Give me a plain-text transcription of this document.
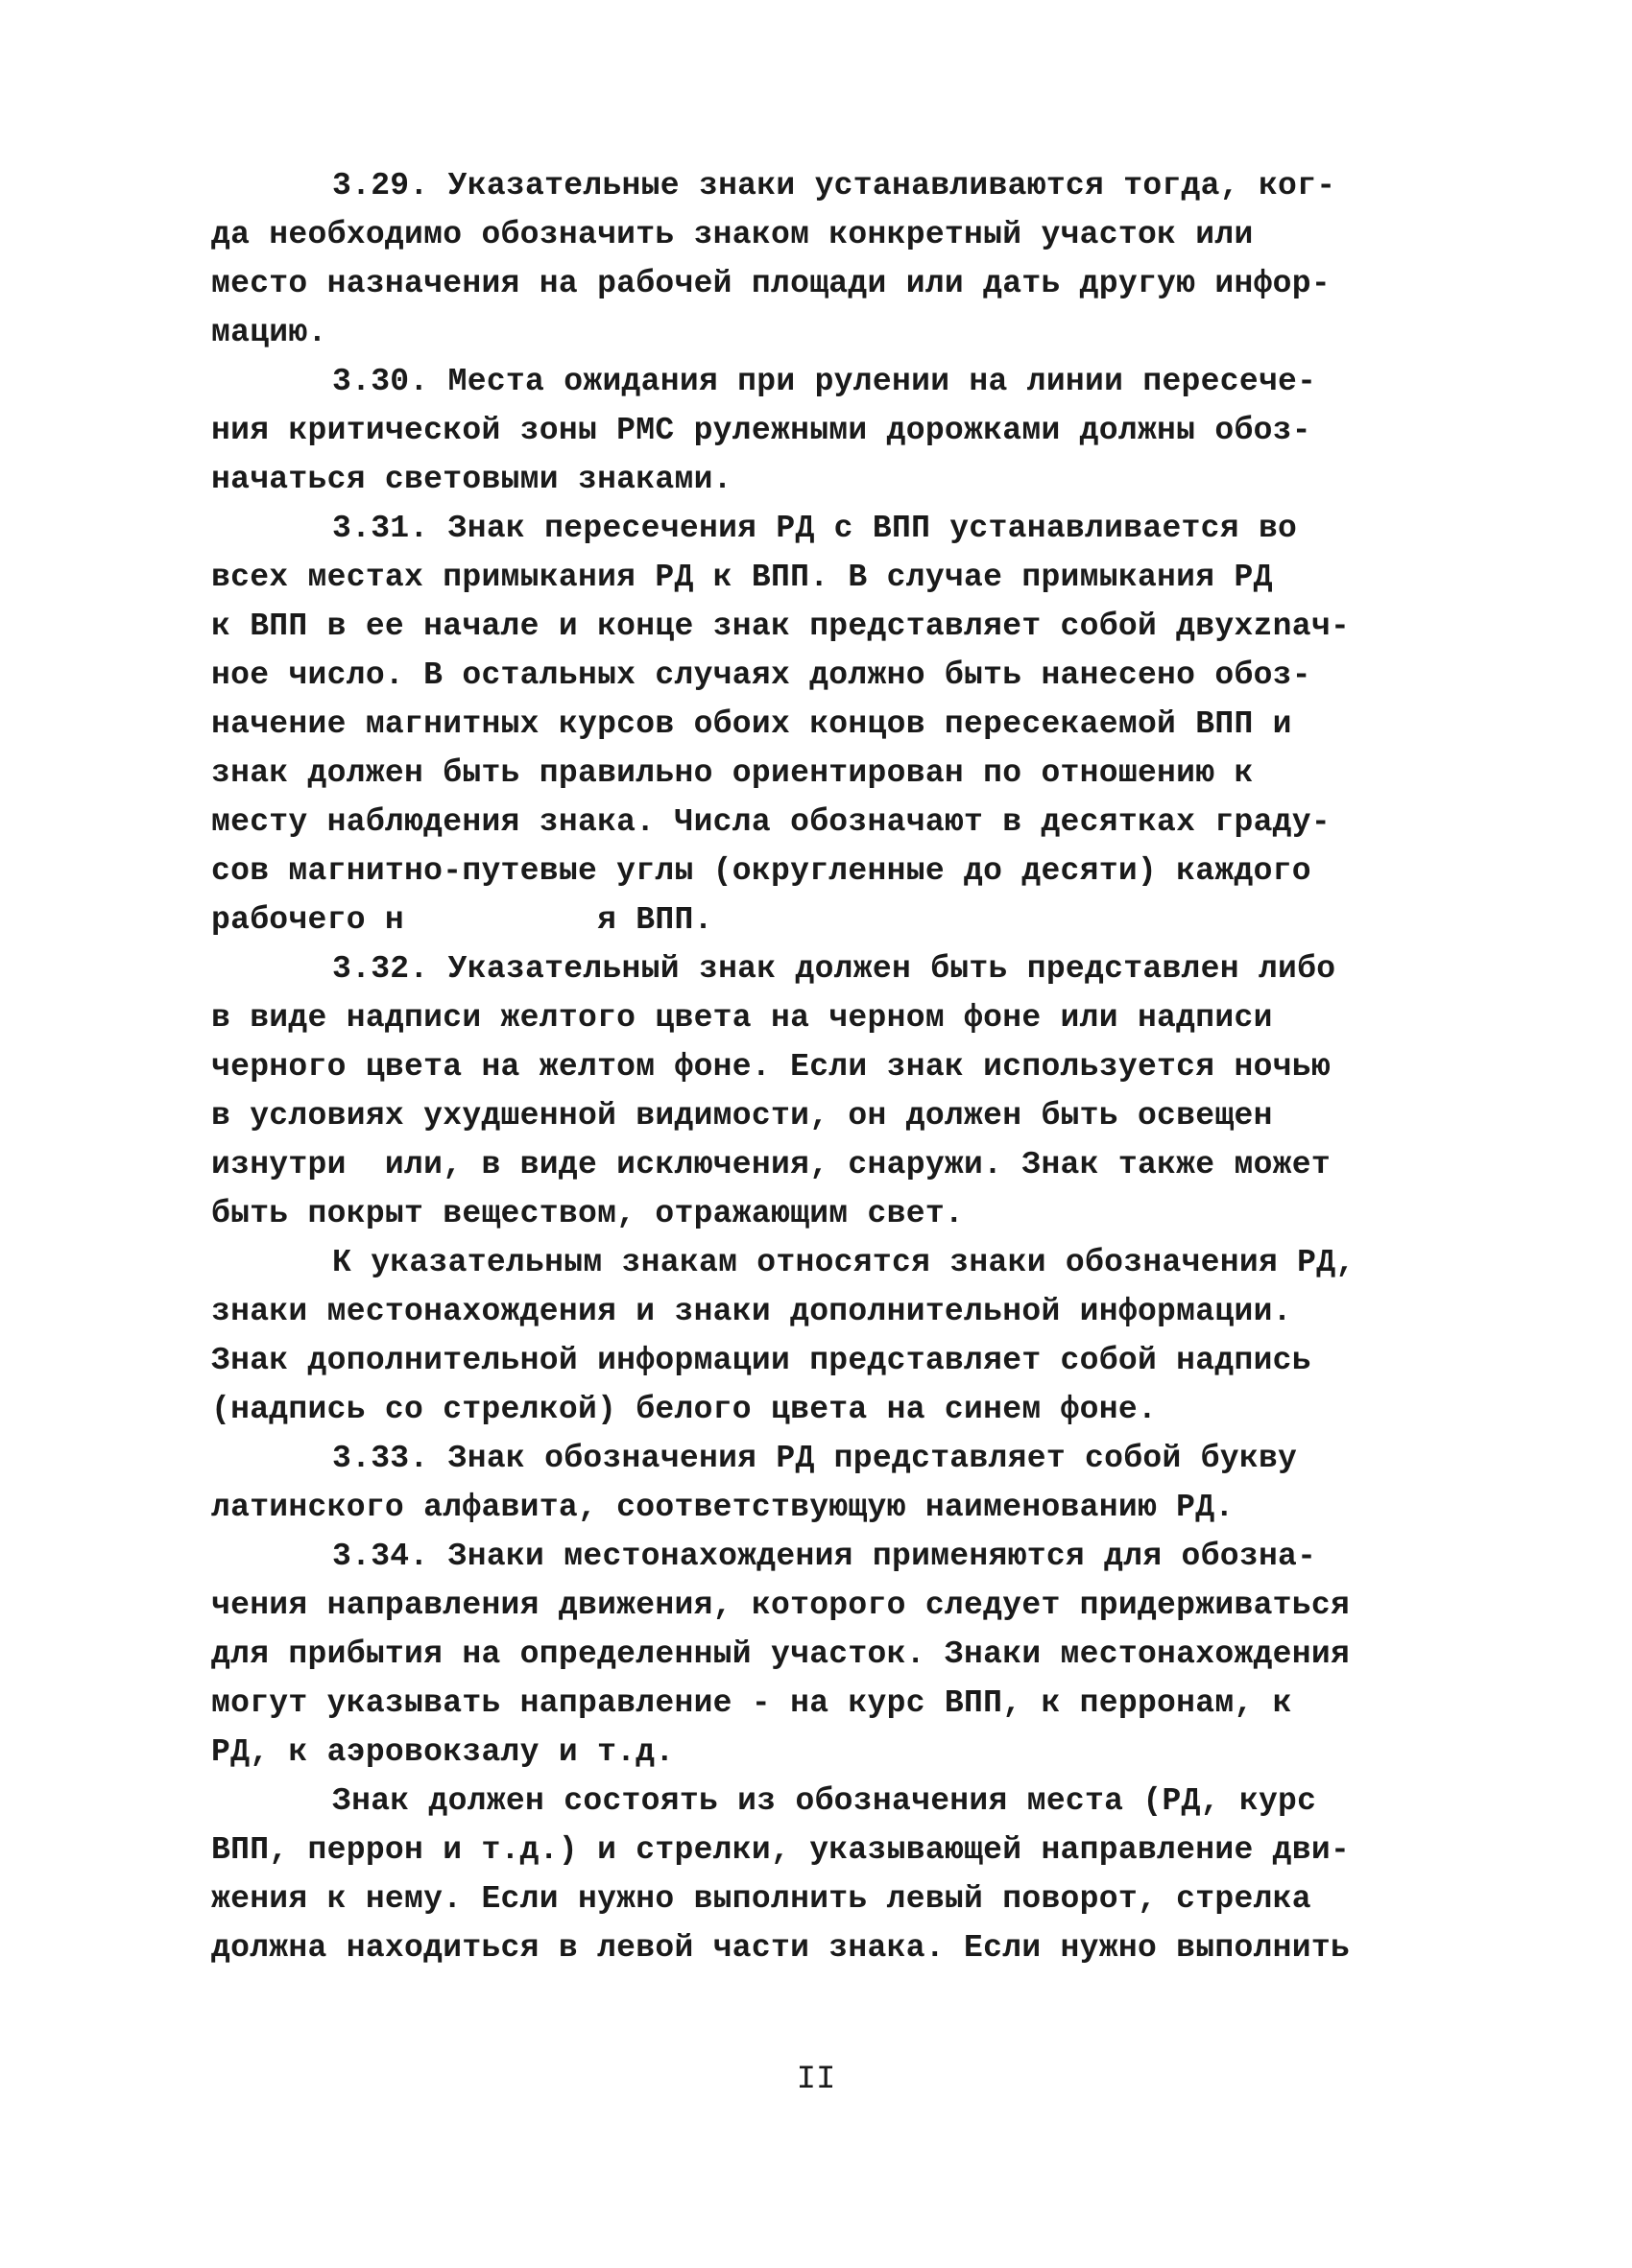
3.29. Указательные знаки устанавливаются тогда, ког-
да необходимо обозначить знаком конкретный участок или
место назначения на рабочей площади или дать другую инфор-
мацию.
3.30. Места ожидания при рулении на линии пересече-
ния критической зоны РМС рулежными дорожками должны обоз-
начаться световыми знаками.
3.31. Знак пересечения РД с ВПП устанавливается во
всех местах примыкания РД к ВПП. В случае примыкания РД
к ВПП в ее начале и конце знак представляет собой двухznач-
ное число. В остальных случаях должно быть нанесено обоз-
начение магнитных курсов обоих концов пересекаемой ВПП и
знак должен быть правильно ориентирован по отношению к
месту наблюдения знака. Числа обозначают в десятках граду-
сов магнитно-путевые углы (округленные до десяти) каждого
рабочего н          я ВПП.
3.32. Указательный знак должен быть представлен либо
в виде надписи желтого цвета на черном фоне или надписи
черного цвета на желтом фоне. Если знак используется ночью
в условиях ухудшенной видимости, он должен быть освещен
изнутри  или, в виде исключения, снаружи. Знак также может
быть покрыт веществом, отражающим свет.
К указательным знакам относятся знаки обозначения РД,
знаки местонахождения и знаки дополнительной информации.
Знак дополнительной информации представляет собой надпись
(надпись со стрелкой) белого цвета на синем фоне.
3.33. Знак обозначения РД представляет собой букву
латинского алфавита, соответствующую наименованию РД.
3.34. Знаки местонахождения применяются для обозна-
чения направления движения, которого следует придерживаться
для прибытия на определенный участок. Знаки местонахождения
могут указывать направление - на курс ВПП, к перронам, к
РД, к аэровокзалу и т.д.
Знак должен состоять из обозначения места (РД, курс
ВПП, перрон и т.д.) и стрелки, указывающей направление дви-
жения к нему. Если нужно выполнить левый поворот, стрелка
должна находиться в левой части знака. Если нужно выполнить
II
